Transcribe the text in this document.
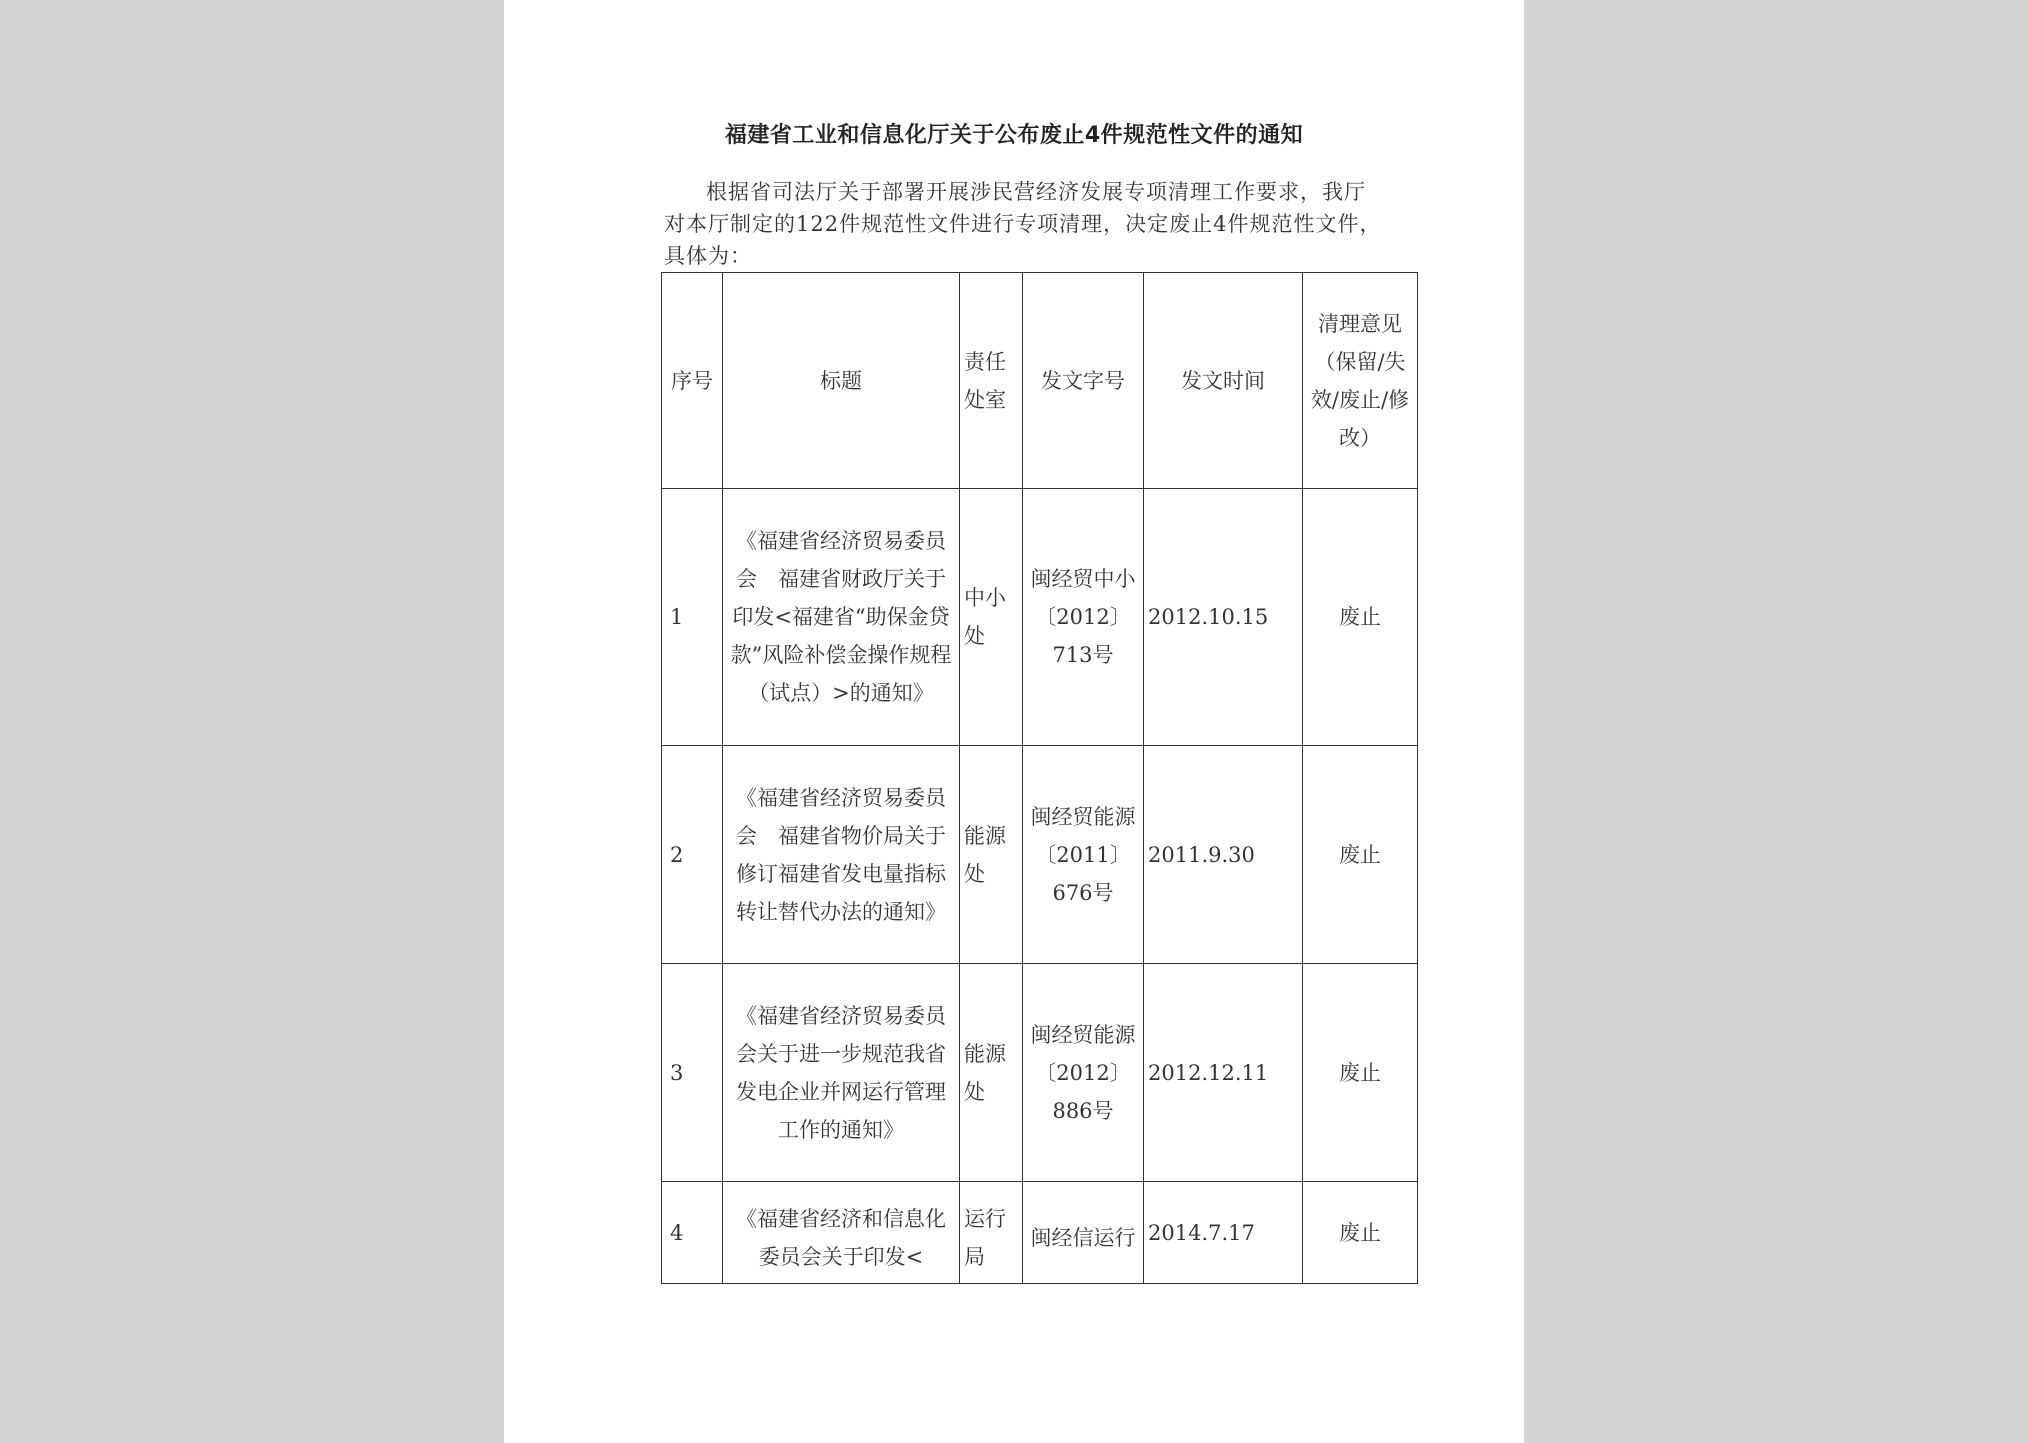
福建省工业和信息化厅关于公布废止4件规范性文件的通知

根据省司法厅关于部署开展涉民营经济发展专项清理工作要求，我厅对本厅制定的122件规范性文件进行专项清理，决定废止4件规范性文件，具体为：

序号	标题	责任处室	发文字号	发文时间	清理意见（保留/失效/废止/修改）
1	《福建省经济贸易委员会　福建省财政厅关于印发<福建省“助保金贷款”风险补偿金操作规程（试点）>的通知》	中小处	闽经贸中小〔2012〕713号	2012.10.15	废止
2	《福建省经济贸易委员会　福建省物价局关于修订福建省发电量指标转让替代办法的通知》	能源处	闽经贸能源〔2011〕676号	2011.9.30	废止
3	《福建省经济贸易委员会关于进一步规范我省发电企业并网运行管理工作的通知》	能源处	闽经贸能源〔2012〕886号	2012.12.11	废止
4	《福建省经济和信息化委员会关于印发<	运行局	闽经信运行	2014.7.17	废止
